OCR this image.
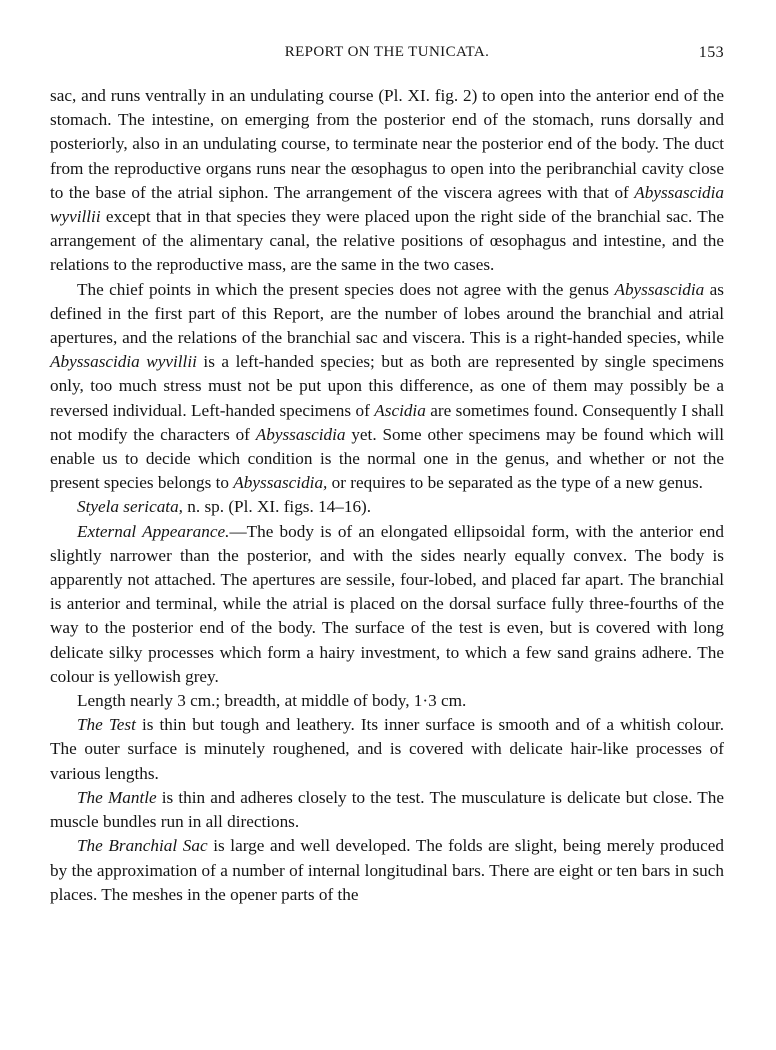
REPORT ON THE TUNICATA.	153

sac, and runs ventrally in an undulating course (Pl. XI. fig. 2) to open into the anterior end of the stomach. The intestine, on emerging from the posterior end of the stomach, runs dorsally and posteriorly, also in an undulating course, to terminate near the posterior end of the body. The duct from the reproductive organs runs near the œsophagus to open into the peribranchial cavity close to the base of the atrial siphon. The arrangement of the viscera agrees with that of Abyssascidia wyvillii except that in that species they were placed upon the right side of the branchial sac. The arrangement of the alimentary canal, the relative positions of œsophagus and intestine, and the relations to the reproductive mass, are the same in the two cases.

The chief points in which the present species does not agree with the genus Abyssascidia as defined in the first part of this Report, are the number of lobes around the branchial and atrial apertures, and the relations of the branchial sac and viscera. This is a right-handed species, while Abyssascidia wyvillii is a left-handed species; but as both are represented by single specimens only, too much stress must not be put upon this difference, as one of them may possibly be a reversed individual. Left-handed specimens of Ascidia are sometimes found. Consequently I shall not modify the characters of Abyssascidia yet. Some other specimens may be found which will enable us to decide which condition is the normal one in the genus, and whether or not the present species belongs to Abyssascidia, or requires to be separated as the type of a new genus.

Styela sericata, n. sp. (Pl. XI. figs. 14–16).

External Appearance.—The body is of an elongated ellipsoidal form, with the anterior end slightly narrower than the posterior, and with the sides nearly equally convex. The body is apparently not attached. The apertures are sessile, four-lobed, and placed far apart. The branchial is anterior and terminal, while the atrial is placed on the dorsal surface fully three-fourths of the way to the posterior end of the body. The surface of the test is even, but is covered with long delicate silky processes which form a hairy investment, to which a few sand grains adhere. The colour is yellowish grey.

Length nearly 3 cm.; breadth, at middle of body, 1·3 cm.

The Test is thin but tough and leathery. Its inner surface is smooth and of a whitish colour. The outer surface is minutely roughened, and is covered with delicate hair-like processes of various lengths.

The Mantle is thin and adheres closely to the test. The musculature is delicate but close. The muscle bundles run in all directions.

The Branchial Sac is large and well developed. The folds are slight, being merely produced by the approximation of a number of internal longitudinal bars. There are eight or ten bars in such places. The meshes in the opener parts of the
